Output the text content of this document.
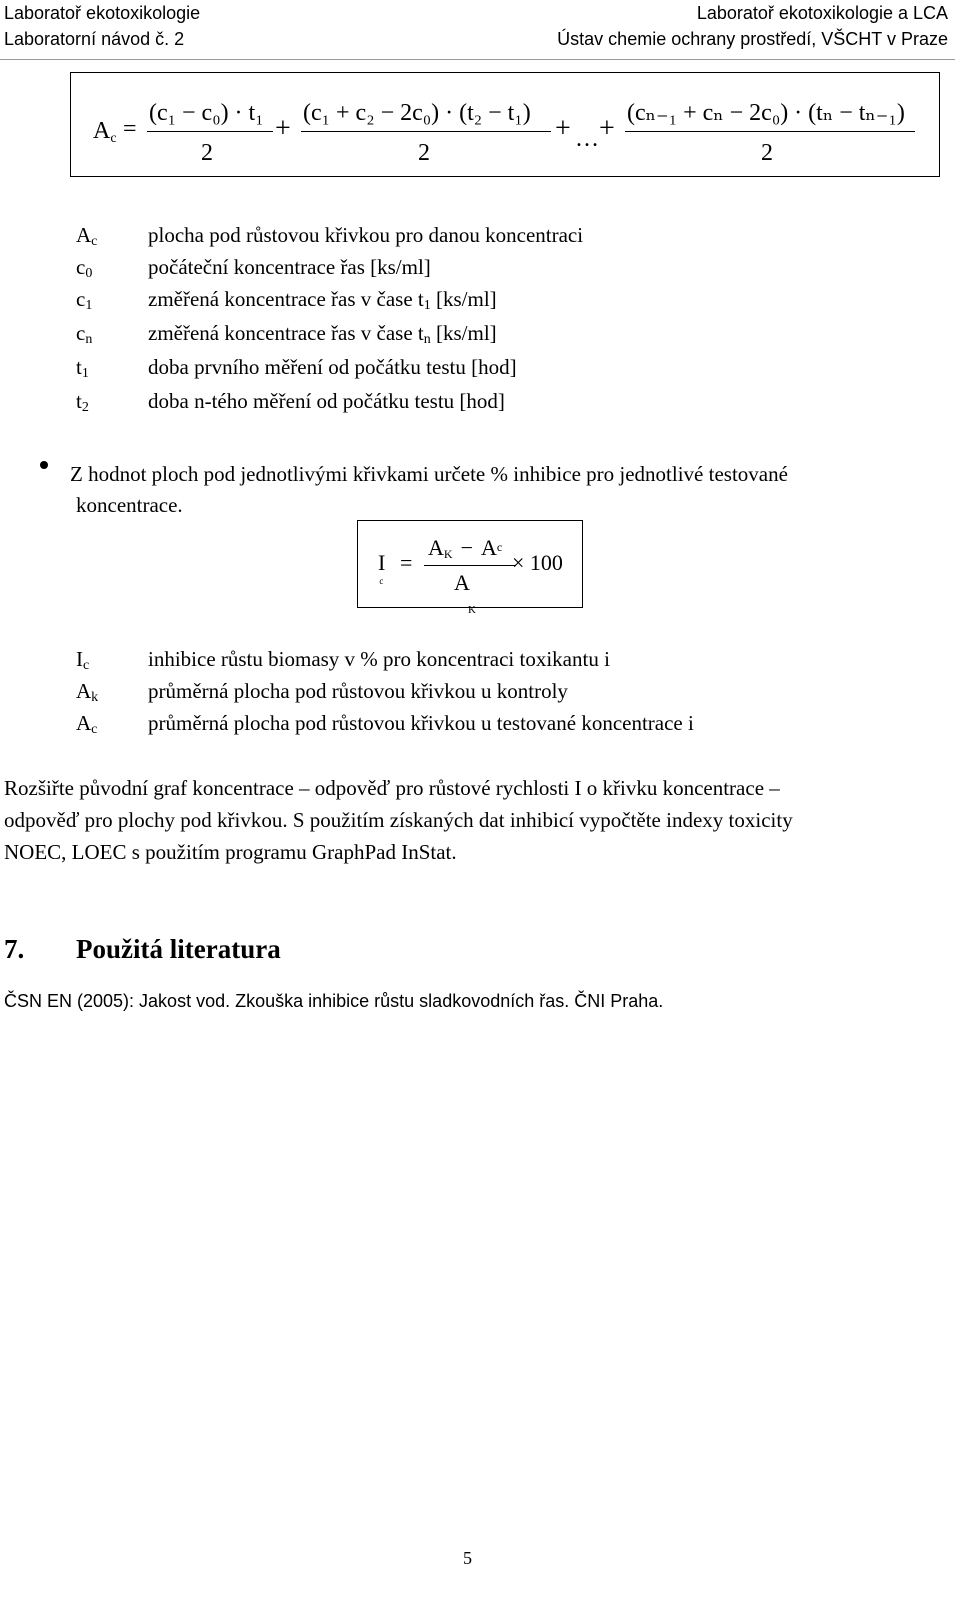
Laboratoř ekotoxikologie
Laboratorní návod č. 2
Laboratoř ekotoxikologie a LCA
Ústav chemie ochrany prostředí, VŠCHT v Praze
Ac =
(c₁ − c₀) · t₁
2
+ (c₁ + c₂ − 2c₀) · (t₂ − t₁)
2
+ … + (cₙ₋₁ + cₙ − 2c₀) · (tₙ − tₙ₋₁)
2
$A_c$	plocha pod růstovou křivkou pro danou koncentraci
$c_0$	počáteční koncentrace řas [ks/ml]
$c_1$	změřená koncentrace řas v čase $t_1$ [ks/ml]
$c_n$	změřená koncentrace řas v čase $t_n$ [ks/ml]
$t_1$	doba prvního měření od počátku testu [hod]
$t_2$	doba n-tého měření od počátku testu [hod]
Z hodnot ploch pod jednotlivými křivkami určete % inhibice pro jednotlivé testované
koncentrace.
$I_c$
=
AK − Ac
A
$^K$
× 100
$I_c$	inhibice růstu biomasy v % pro koncentraci toxikantu i
$A_k$	průměrná plocha pod růstovou křivkou u kontroly
$A_c$	průměrná plocha pod růstovou křivkou u testované koncentrace i
Rozšiřte původní graf koncentrace – odpověď pro růstové rychlosti I o křivku koncentrace –
odpověď pro plochy pod křivkou. S použitím získaných dat inhibicí vypočtěte indexy toxicity
NOEC, LOEC s použitím programu GraphPad InStat.
7. Použitá literatura
ČSN EN (2005): Jakost vod. Zkouška inhibice růstu sladkovodních řas. ČNI Praha.
5
